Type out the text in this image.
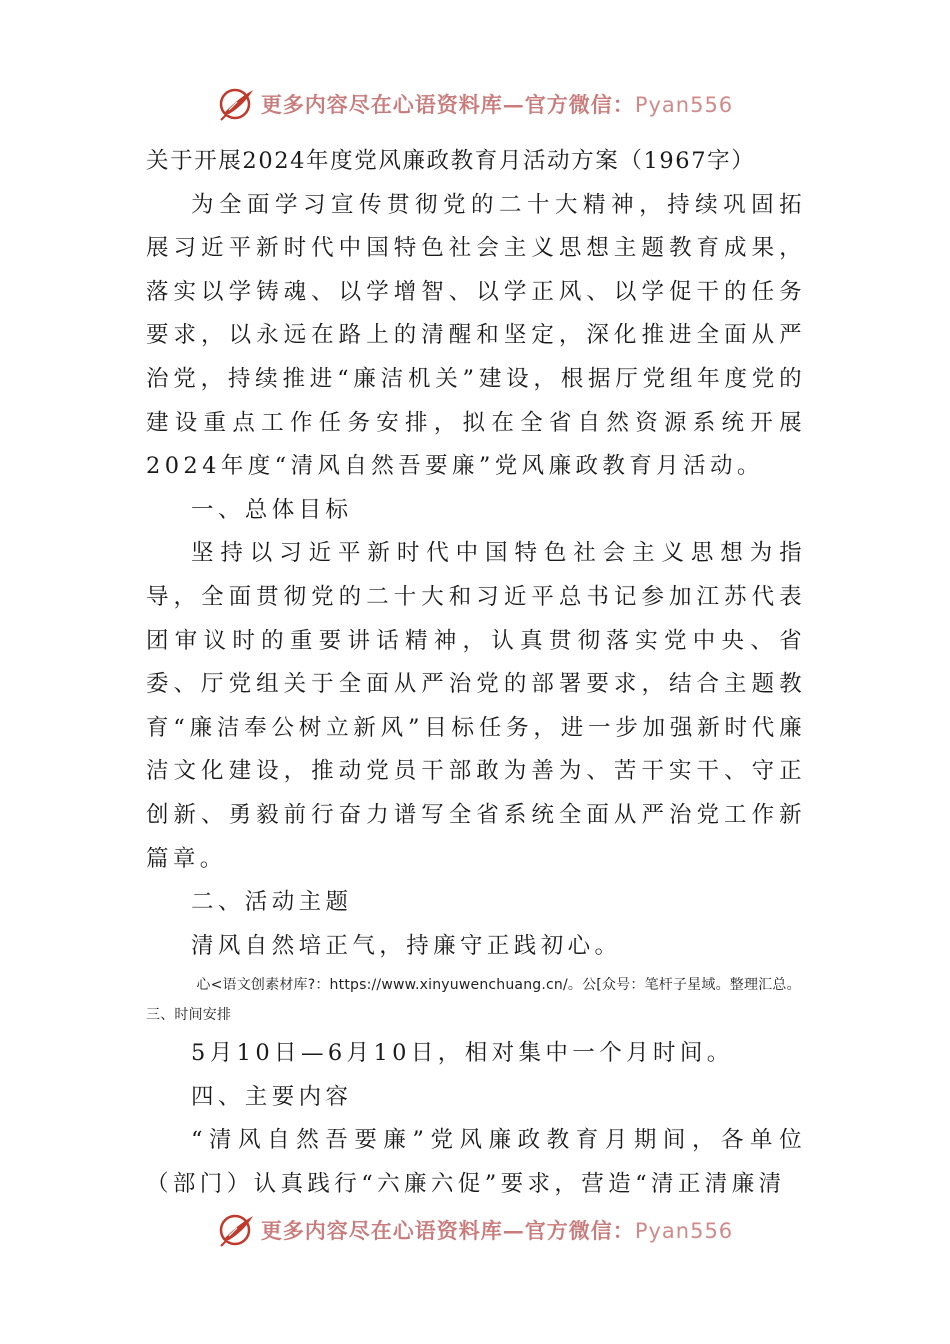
更多内容尽在心语资料库—官方微信：Pyan556

关于开展2024年度党风廉政教育月活动方案（1967字）

为全面学习宣传贯彻党的二十大精神，持续巩固拓展习近平新时代中国特色社会主义思想主题教育成果，落实以学铸魂、以学增智、以学正风、以学促干的任务要求，以永远在路上的清醒和坚定，深化推进全面从严治党，持续推进“廉洁机关”建设，根据厅党组年度党的建设重点工作任务安排，拟在全省自然资源系统开展2024年度“清风自然吾要廉”党风廉政教育月活动。

一、总体目标

坚持以习近平新时代中国特色社会主义思想为指导，全面贯彻党的二十大和习近平总书记参加江苏代表团审议时的重要讲话精神，认真贯彻落实党中央、省委、厅党组关于全面从严治党的部署要求，结合主题教育“廉洁奉公树立新风”目标任务，进一步加强新时代廉洁文化建设，推动党员干部敢为善为、苦干实干、守正创新、勇毅前行奋力谱写全省系统全面从严治党工作新篇章。

二、活动主题

清风自然培正气，持廉守正践初心。

心<语文创素材库?：https://www.xinyuwenchuang.cn/。公[众号：笔杆子星域。整理汇总。三、时间安排

5月10日—6月10日，相对集中一个月时间。

四、主要内容

“清风自然吾要廉”党风廉政教育月期间，各单位（部门）认真践行“六廉六促”要求，营造“清正清廉清

更多内容尽在心语资料库—官方微信：Pyan556
